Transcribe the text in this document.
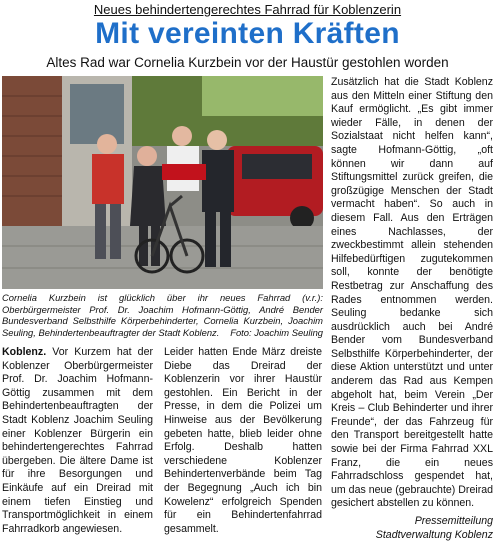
Neues behindertengerechtes Fahrrad für Koblenzerin
Mit vereinten Kräften
Altes Rad war Cornelia Kurzbein vor der Haustür gestohlen worden
Cornelia Kurzbein ist glücklich über ihr neues Fahrrad (v.r.): Oberbürgermeister Prof. Dr. Joachim Hofmann-Göttig, André Bender Bundesverband Selbsthilfe Körperbehinderter, Cornelia Kurzbein, Joachim Seuling, Behindertenbeauftragter der Stadt Koblenz. Foto: Joachim Seuling

Koblenz. Vor Kurzem hat der Koblenzer Oberbürgermeister Prof. Dr. Joachim Hofmann-Göttig zusammen mit dem Behindertenbeauftragten der Stadt Koblenz Joachim Seuling einer Koblenzer Bürgerin ein behindertengerechtes Fahrrad übergeben. Die ältere Dame ist für ihre Besorgungen und Einkäufe auf ein Dreirad mit einem tiefen Einstieg und Transportmöglichkeit in einem Fahrradkorb angewiesen.

Leider hatten Ende März dreiste Diebe das Dreirad der Koblenzerin vor ihrer Haustür gestohlen. Ein Bericht in der Presse, in dem die Polizei um Hinweise aus der Bevölkerung gebeten hatte, blieb leider ohne Erfolg. Deshalb hatten verschiedene Koblenzer Behindertenverbände beim Tag der Begegnung „Auch ich bin Kowelenz“ erfolgreich Spenden für ein Behindertenfahrrad gesammelt.

Zusätzlich hat die Stadt Koblenz aus den Mitteln einer Stiftung den Kauf ermöglicht. „Es gibt immer wieder Fälle, in denen der Sozialstaat nicht helfen kann“, sagte Hofmann-Göttig, „oft können wir dann auf Stiftungsmittel zurück greifen, die großzügige Menschen der Stadt vermacht haben“. So auch in diesem Fall. Aus den Erträgen eines Nachlasses, der zweckbestimmt allein stehenden Hilfebedürftigen zugutekommen soll, konnte der benötigte Restbetrag zur Anschaffung des Rades entnommen werden. Seuling bedanke sich ausdrücklich auch bei André Bender vom Bundesverband Selbsthilfe Körperbehinderter, der diese Aktion unterstützt und unter anderem das Rad aus Kempen abgeholt hat, beim Verein „Der Kreis – Club Behinderter und ihrer Freunde“, der das Fahrzeug für den Transport bereitgestellt hatte sowie bei der Firma Fahrrad XXL Franz, die ein neues Fahrradschloss gespendet hat, um das neue (gebrauchte) Dreirad gesichert abstellen zu können.

Pressemitteilung
Stadtverwaltung Koblenz
